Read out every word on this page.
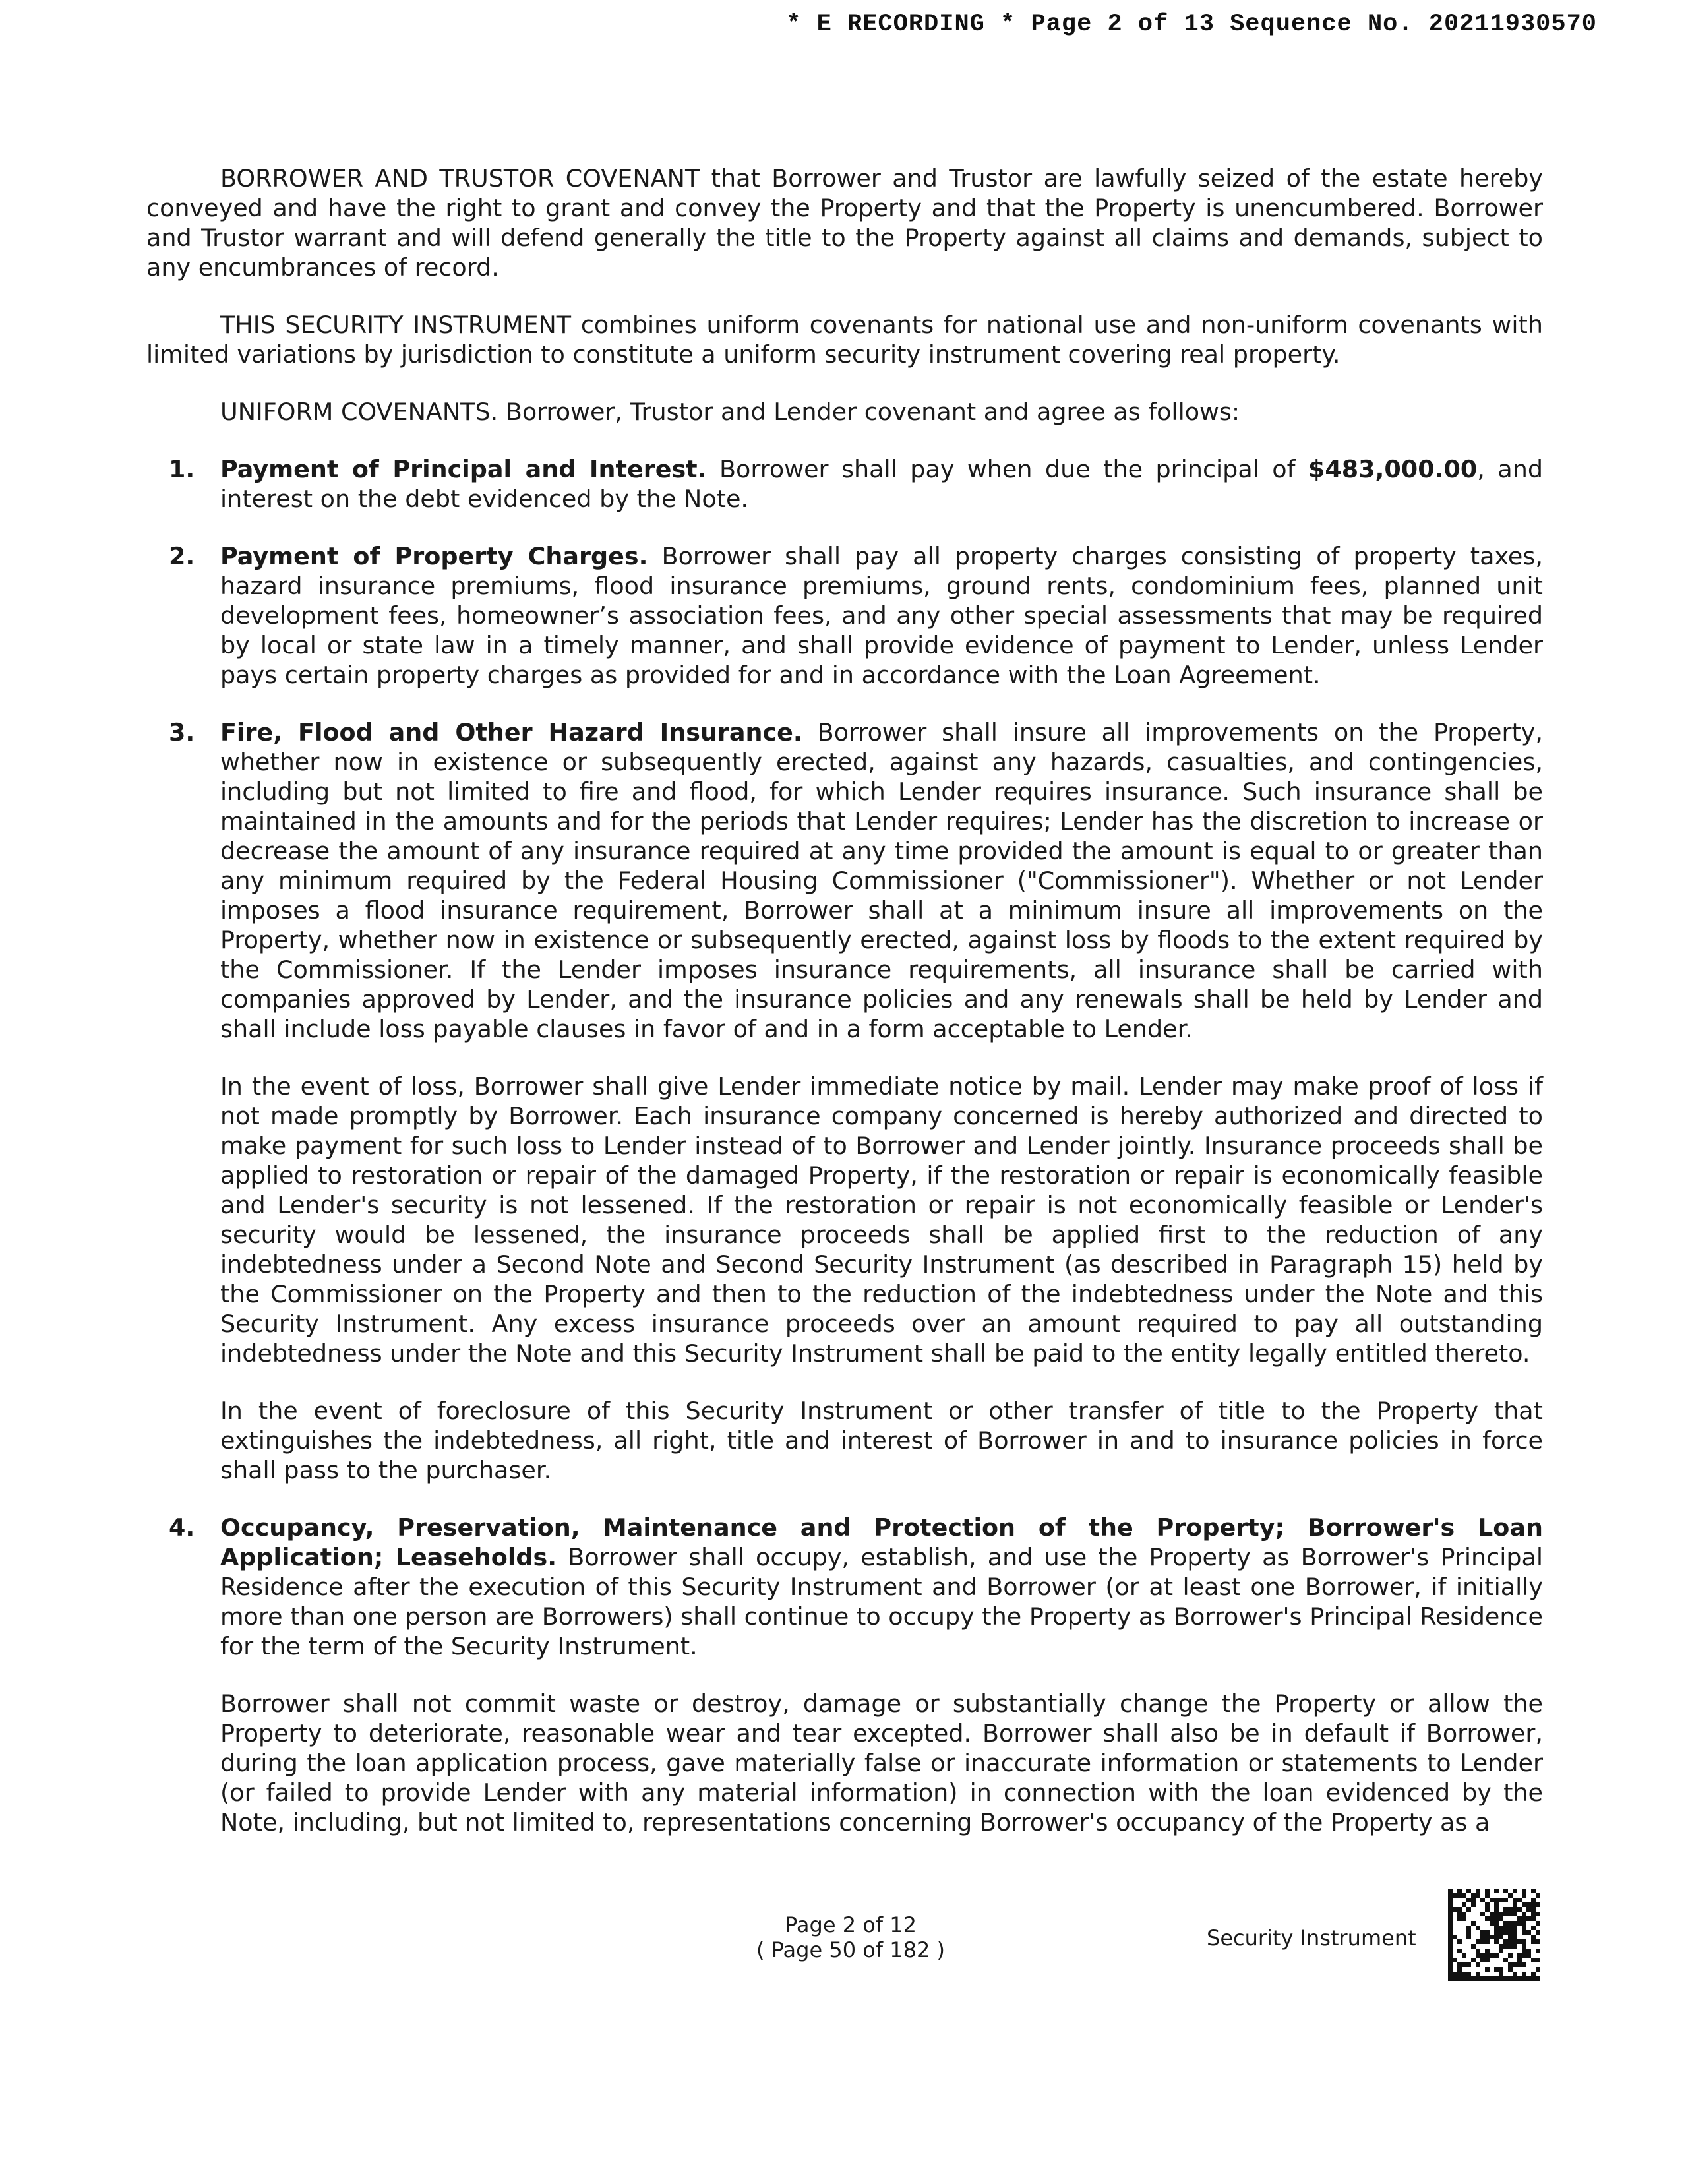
* E RECORDING * Page 2 of 13 Sequence No. 20211930570

BORROWER AND TRUSTOR COVENANT that Borrower and Trustor are lawfully seized of the estate hereby conveyed and have the right to grant and convey the Property and that the Property is unencumbered. Borrower and Trustor warrant and will defend generally the title to the Property against all claims and demands, subject to any encumbrances of record.

THIS SECURITY INSTRUMENT combines uniform covenants for national use and non-uniform covenants with limited variations by jurisdiction to constitute a uniform security instrument covering real property.

UNIFORM COVENANTS. Borrower, Trustor and Lender covenant and agree as follows:

1. Payment of Principal and Interest. Borrower shall pay when due the principal of $483,000.00, and interest on the debt evidenced by the Note.

2. Payment of Property Charges. Borrower shall pay all property charges consisting of property taxes, hazard insurance premiums, flood insurance premiums, ground rents, condominium fees, planned unit development fees, homeowner’s association fees, and any other special assessments that may be required by local or state law in a timely manner, and shall provide evidence of payment to Lender, unless Lender pays certain property charges as provided for and in accordance with the Loan Agreement.

3. Fire, Flood and Other Hazard Insurance. Borrower shall insure all improvements on the Property, whether now in existence or subsequently erected, against any hazards, casualties, and contingencies, including but not limited to fire and flood, for which Lender requires insurance. Such insurance shall be maintained in the amounts and for the periods that Lender requires; Lender has the discretion to increase or decrease the amount of any insurance required at any time provided the amount is equal to or greater than any minimum required by the Federal Housing Commissioner ("Commissioner"). Whether or not Lender imposes a flood insurance requirement, Borrower shall at a minimum insure all improvements on the Property, whether now in existence or subsequently erected, against loss by floods to the extent required by the Commissioner. If the Lender imposes insurance requirements, all insurance shall be carried with companies approved by Lender, and the insurance policies and any renewals shall be held by Lender and shall include loss payable clauses in favor of and in a form acceptable to Lender.

In the event of loss, Borrower shall give Lender immediate notice by mail. Lender may make proof of loss if not made promptly by Borrower. Each insurance company concerned is hereby authorized and directed to make payment for such loss to Lender instead of to Borrower and Lender jointly. Insurance proceeds shall be applied to restoration or repair of the damaged Property, if the restoration or repair is economically feasible and Lender's security is not lessened. If the restoration or repair is not economically feasible or Lender's security would be lessened, the insurance proceeds shall be applied first to the reduction of any indebtedness under a Second Note and Second Security Instrument (as described in Paragraph 15) held by the Commissioner on the Property and then to the reduction of the indebtedness under the Note and this Security Instrument. Any excess insurance proceeds over an amount required to pay all outstanding indebtedness under the Note and this Security Instrument shall be paid to the entity legally entitled thereto.

In the event of foreclosure of this Security Instrument or other transfer of title to the Property that extinguishes the indebtedness, all right, title and interest of Borrower in and to insurance policies in force shall pass to the purchaser.

4. Occupancy, Preservation, Maintenance and Protection of the Property; Borrower's Loan Application; Leaseholds. Borrower shall occupy, establish, and use the Property as Borrower's Principal Residence after the execution of this Security Instrument and Borrower (or at least one Borrower, if initially more than one person are Borrowers) shall continue to occupy the Property as Borrower's Principal Residence for the term of the Security Instrument.

Borrower shall not commit waste or destroy, damage or substantially change the Property or allow the Property to deteriorate, reasonable wear and tear excepted. Borrower shall also be in default if Borrower, during the loan application process, gave materially false or inaccurate information or statements to Lender (or failed to provide Lender with any material information) in connection with the loan evidenced by the Note, including, but not limited to, representations concerning Borrower's occupancy of the Property as a

Page 2 of 12
( Page 50 of 182 )	Security Instrument
